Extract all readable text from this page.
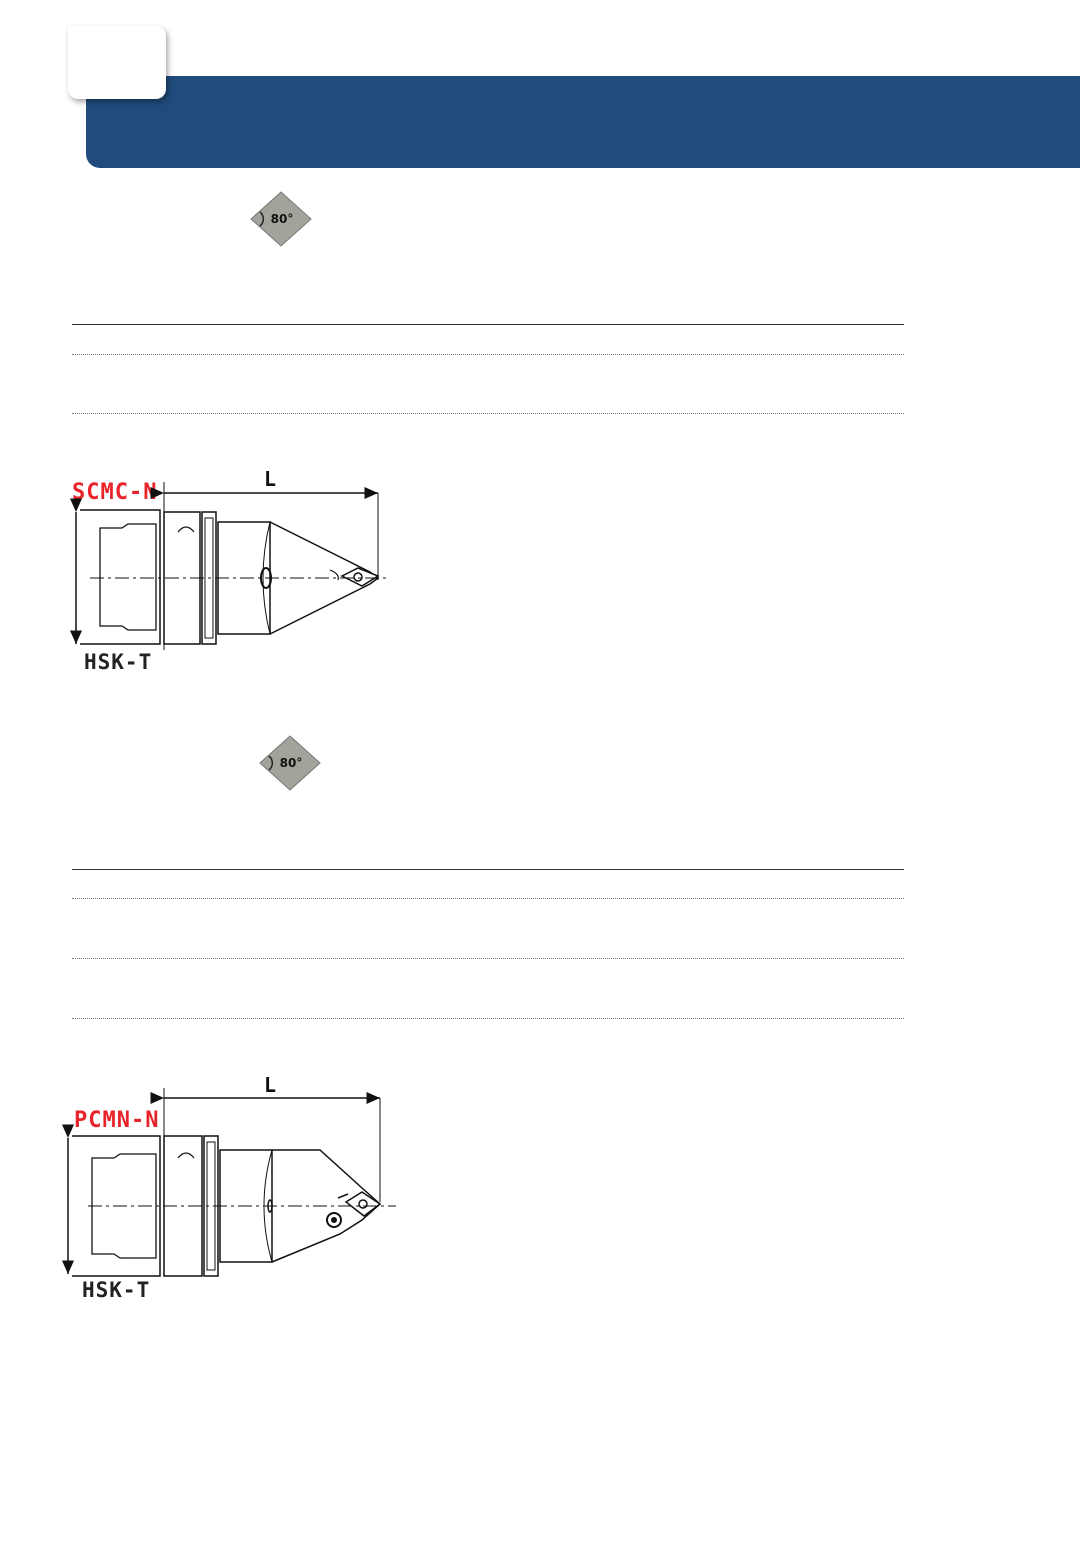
80°
SCMC-N
HSK-T
L
80°
PCMN-N
HSK-T
L
